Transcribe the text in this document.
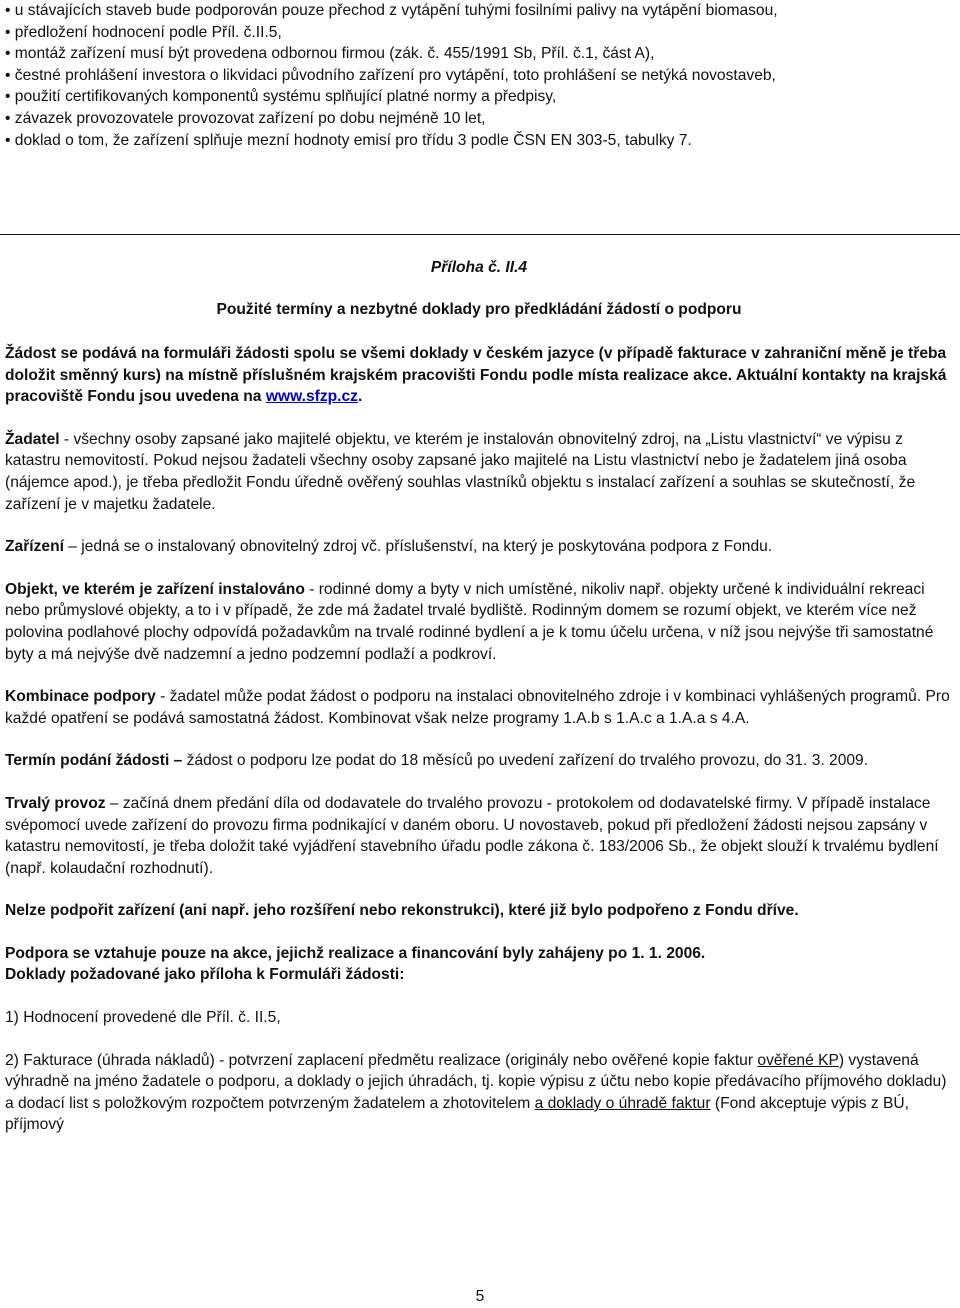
• u stávajících staveb bude podporován pouze přechod z vytápění tuhými fosilními palivy na vytápění biomasou,
• předložení hodnocení podle Příl. č.II.5,
• montáž zařízení musí být provedena odbornou firmou (zák. č. 455/1991 Sb, Příl. č.1, část A),
• čestné prohlášení investora o likvidaci původního zařízení pro vytápění, toto prohlášení se netýká novostaveb,
• použití certifikovaných komponentů systému splňující platné normy a předpisy,
• závazek provozovatele provozovat zařízení po dobu nejméně 10 let,
• doklad o tom, že zařízení splňuje mezní hodnoty emisí pro třídu 3 podle ČSN EN 303-5, tabulky 7.

Příloha č. II.4

Použité termíny a nezbytné doklady pro předkládání žádostí o podporu

Žádost se podává na formuláři žádosti spolu se všemi doklady v českém jazyce (v případě fakturace v zahraniční měně je třeba doložit směnný kurs) na místně příslušném krajském pracovišti Fondu podle místa realizace akce. Aktuální kontakty na krajská pracoviště Fondu jsou uvedena na www.sfzp.cz.

Žadatel - všechny osoby zapsané jako majitelé objektu, ve kterém je instalován obnovitelný zdroj, na „Listu vlastnictví“ ve výpisu z katastru nemovitostí. Pokud nejsou žadateli všechny osoby zapsané jako majitelé na Listu vlastnictví nebo je žadatelem jiná osoba (nájemce apod.), je třeba předložit Fondu úředně ověřený souhlas vlastníků objektu s instalací zařízení a souhlas se skutečností, že zařízení je v majetku žadatele.

Zařízení – jedná se o instalovaný obnovitelný zdroj vč. příslušenství, na který je poskytována podpora z Fondu.

Objekt, ve kterém je zařízení instalováno - rodinné domy a byty v nich umístěné, nikoliv např. objekty určené k individuální rekreaci nebo průmyslové objekty, a to i v případě, že zde má žadatel trvalé bydliště. Rodinným domem se rozumí objekt, ve kterém více než polovina podlahové plochy odpovídá požadavkům na trvalé rodinné bydlení a je k tomu účelu určena, v níž jsou nejvýše tři samostatné byty a má nejvýše dvě nadzemní a jedno podzemní podlaží a podkroví.

Kombinace podpory - žadatel může podat žádost o podporu na instalaci obnovitelného zdroje i v kombinaci vyhlášených programů. Pro každé opatření se podává samostatná žádost. Kombinovat však nelze programy 1.A.b s 1.A.c a 1.A.a s 4.A.

Termín podání žádosti – žádost o podporu lze podat do 18 měsíců po uvedení zařízení do trvalého provozu, do 31. 3. 2009.

Trvalý provoz – začíná dnem předání díla od dodavatele do trvalého provozu - protokolem od dodavatelské firmy. V případě instalace svépomocí uvede zařízení do provozu firma podnikající v daném oboru. U novostaveb, pokud při předložení žádosti nejsou zapsány v katastru nemovitostí, je třeba doložit také vyjádření stavebního úřadu podle zákona č. 183/2006 Sb., že objekt slouží k trvalému bydlení (např. kolaudační rozhodnutí).

Nelze podpořit zařízení (ani např. jeho rozšíření nebo rekonstrukci), které již bylo podpořeno z Fondu dříve.

Podpora se vztahuje pouze na akce, jejichž realizace a financování byly zahájeny po 1. 1. 2006.

Doklady požadované jako příloha k Formuláři žádosti:

1) Hodnocení provedené dle Příl. č. II.5,

2) Fakturace (úhrada nákladů) - potvrzení zaplacení předmětu realizace (originály nebo ověřené kopie faktur ověřené KP) vystavená výhradně na jméno žadatele o podporu, a doklady o jejich úhradách, tj. kopie výpisu z účtu nebo kopie předávacího příjmového dokladu) a dodací list s položkovým rozpočtem potvrzeným žadatelem a zhotovitelem a doklady o úhradě faktur (Fond akceptuje výpis z BÚ, příjmový

5
